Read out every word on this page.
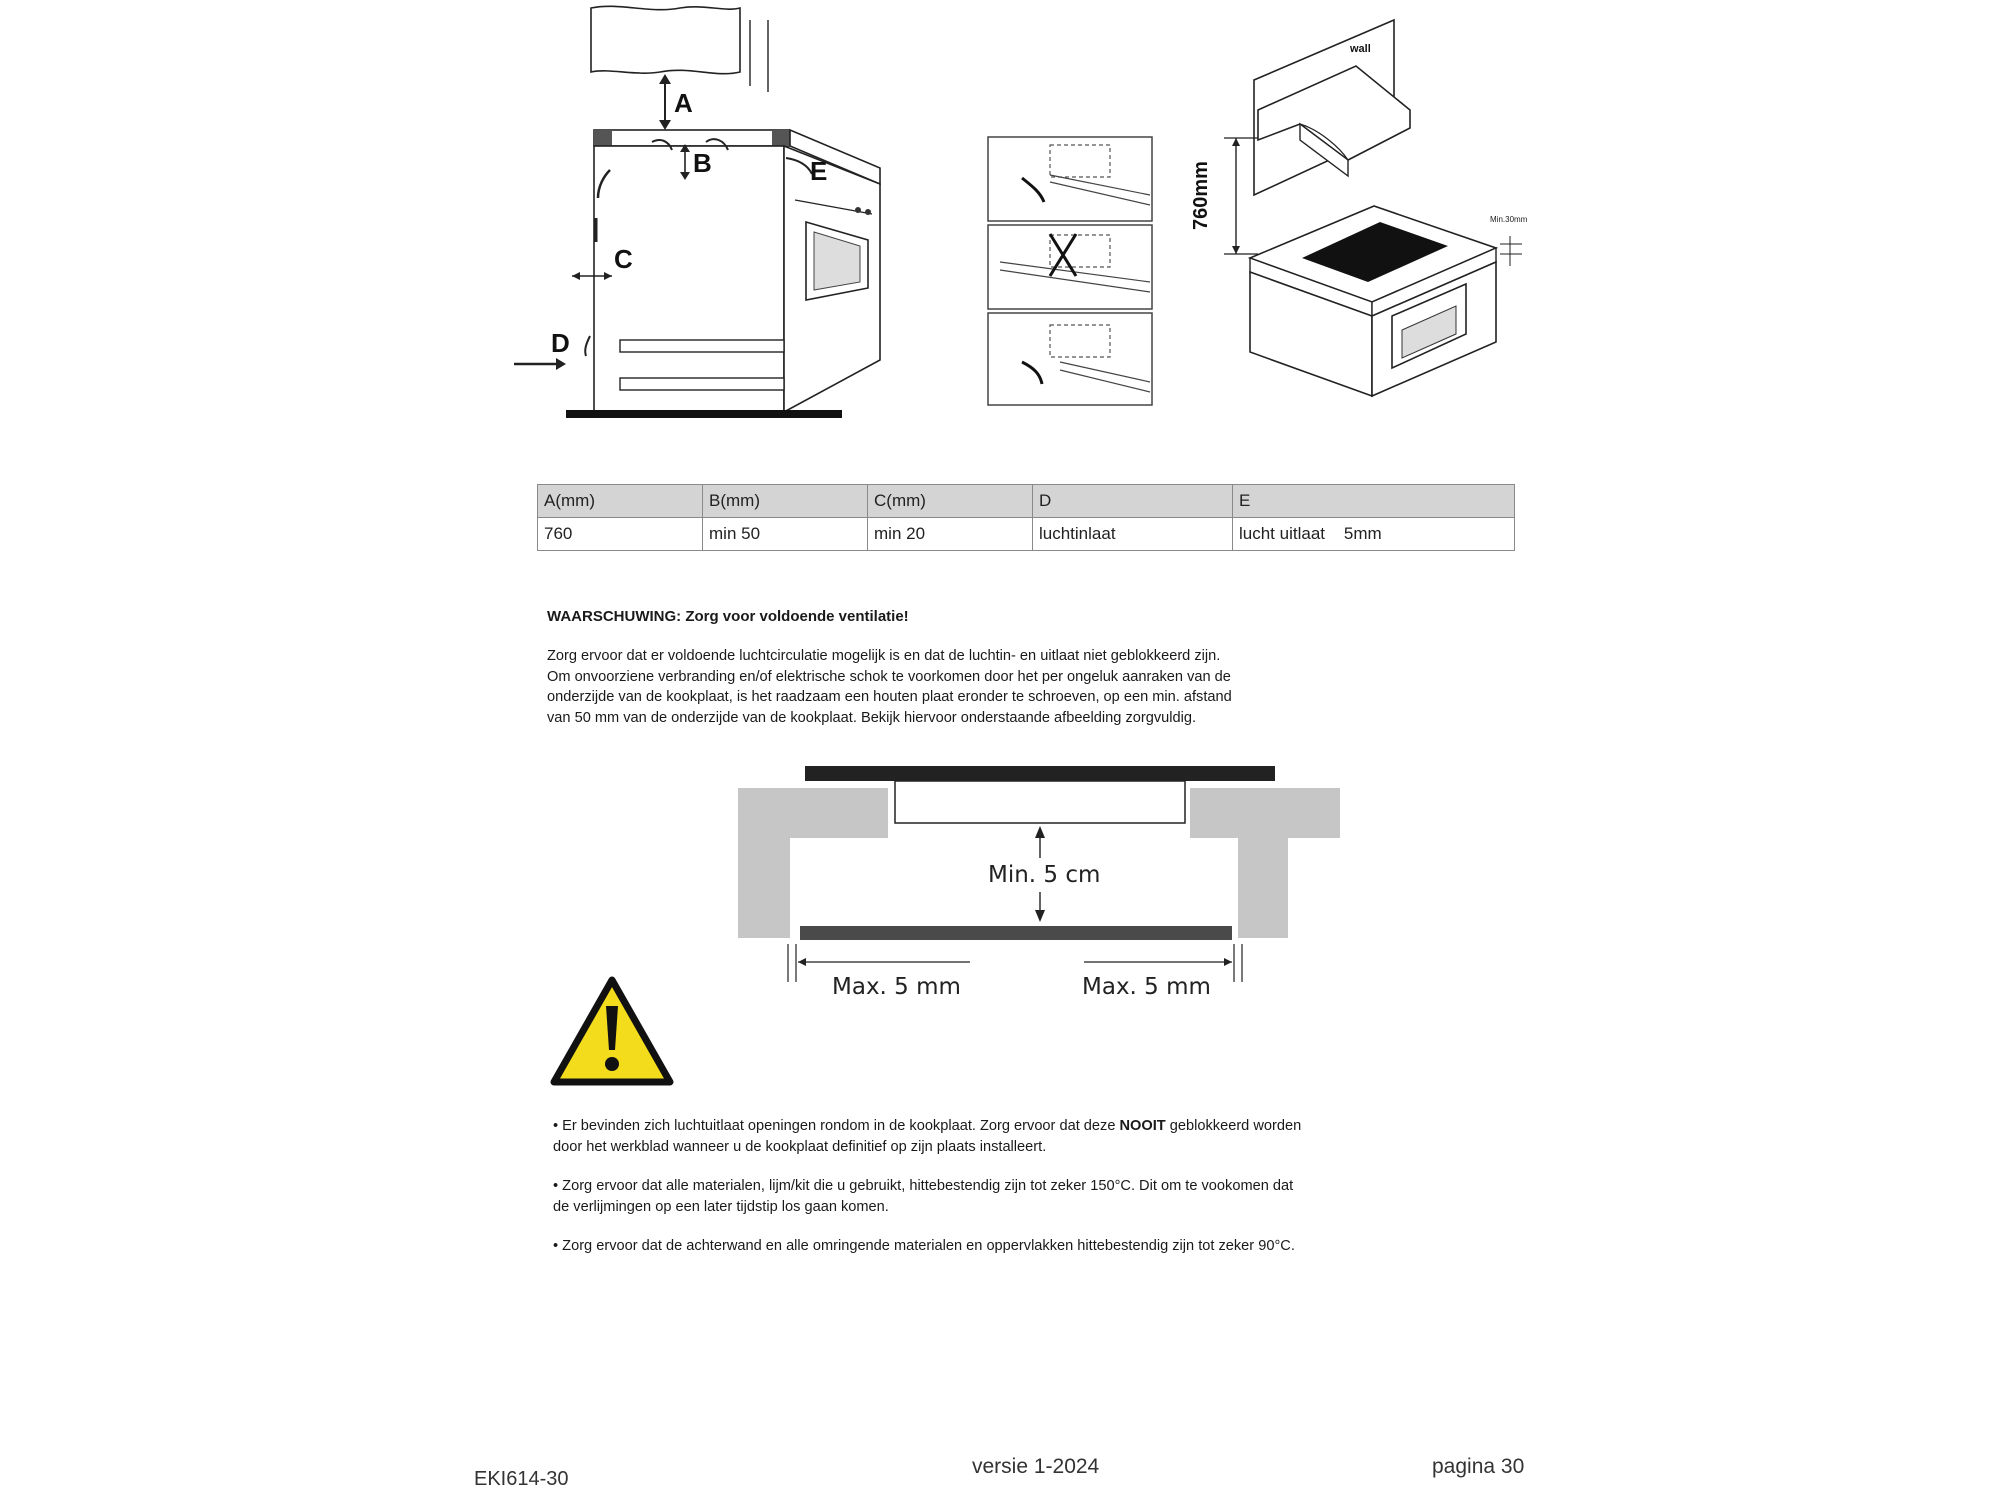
A
B	E
C
D
760mm
wall
Min.30mm
A(mm)	B(mm)	C(mm)	D	E
760	min 50	min 20	luchtinlaat	lucht uitlaat    5mm
WAARSCHUWING: Zorg voor voldoende ventilatie!
Zorg ervoor dat er voldoende luchtcirculatie mogelijk is en dat de luchtin- en uitlaat niet geblokkeerd zijn.
Om onvoorziene verbranding en/of elektrische schok te voorkomen door het per ongeluk aanraken van de
onderzijde van de kookplaat, is het raadzaam een houten plaat eronder te schroeven, op een min. afstand
van 50 mm van de onderzijde van de kookplaat. Bekijk hiervoor onderstaande afbeelding zorgvuldig.
Min. 5 cm
Max. 5 mm	Max. 5 mm
• Er bevinden zich luchtuitlaat openingen rondom in de kookplaat. Zorg ervoor dat deze NOOIT geblokkeerd worden
door het werkblad wanneer u de kookplaat definitief op zijn plaats installeert.
• Zorg ervoor dat alle materialen, lijm/kit die u gebruikt, hittebestendig zijn tot zeker 150°C. Dit om te vookomen dat
de verlijmingen op een later tijdstip los gaan komen.
• Zorg ervoor dat de achterwand en alle omringende materialen en oppervlakken hittebestendig zijn tot zeker 90°C.
EKI614-30
versie 1-2024	pagina 30
